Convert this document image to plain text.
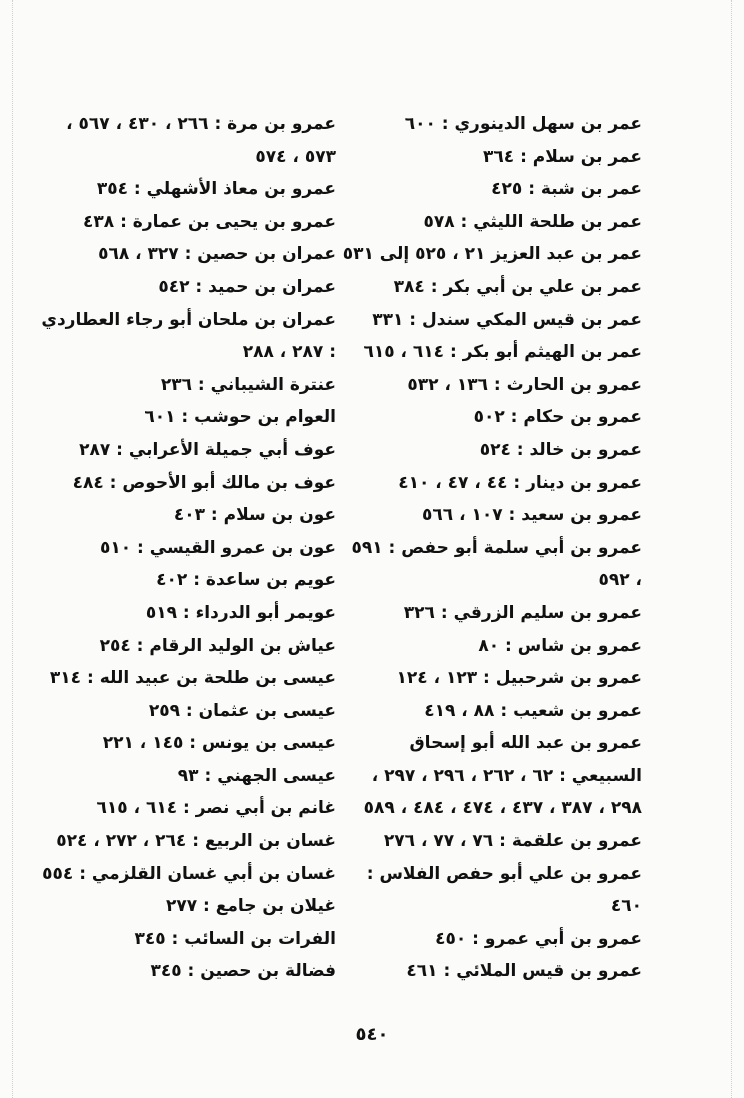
عمر بن سهل الدينوري : ٦٠٠

عمر بن سلام : ٣٦٤

عمر بن شبة : ٤٢٥

عمر بن طلحة الليثي : ٥٧٨

عمر بن عبد العزيز ٢١ ، ٥٢٥ إلى ٥٣١

عمر بن علي بن أبي بكر : ٣٨٤

عمر بن قيس المكي سندل : ٣٣١

عمر بن الهيثم أبو بكر : ٦١٤ ، ٦١٥

عمرو بن الحارث : ١٣٦ ، ٥٣٢

عمرو بن حكام : ٥٠٢

عمرو بن خالد : ٥٢٤

عمرو بن دينار : ٤٤ ، ٤٧ ، ٤١٠

عمرو بن سعيد : ١٠٧ ، ٥٦٦

عمرو بن أبي سلمة أبو حفص : ٥٩١ ، ٥٩٢

عمرو بن سليم الزرقي : ٣٢٦

عمرو بن شاس : ٨٠

عمرو بن شرحبيل : ١٢٣ ، ١٢٤

عمرو بن شعيب : ٨٨ ، ٤١٩

عمرو بن عبد الله أبو إسحاق السبيعي : ٦٢ ، ٢٦٢ ، ٢٩٦ ، ٢٩٧ ، ٢٩٨ ، ٣٨٧ ، ٤٣٧ ، ٤٧٤ ، ٤٨٤ ، ٥٨٩

عمرو بن علقمة : ٧٦ ، ٧٧ ، ٢٧٦

عمرو بن علي أبو حفص الفلاس : ٤٦٠

عمرو بن أبي عمرو : ٤٥٠

عمرو بن قيس الملائي : ٤٦١

عمرو بن مرة : ٢٦٦ ، ٤٣٠ ، ٥٦٧ ، ٥٧٣ ، ٥٧٤

عمرو بن معاذ الأشهلي : ٣٥٤

عمرو بن يحيى بن عمارة : ٤٣٨

عمران بن حصين : ٣٢٧ ، ٥٦٨

عمران بن حميد : ٥٤٢

عمران بن ملحان أبو رجاء العطاردي : ٢٨٧ ، ٢٨٨

عنترة الشيباني : ٢٣٦

العوام بن حوشب : ٦٠١

عوف أبي جميلة الأعرابي : ٢٨٧

عوف بن مالك أبو الأحوص : ٤٨٤

عون بن سلام : ٤٠٣

عون بن عمرو القيسي : ٥١٠

عويم بن ساعدة : ٤٠٢

عويمر أبو الدرداء : ٥١٩

عياش بن الوليد الرقام : ٢٥٤

عيسى بن طلحة بن عبيد الله : ٣١٤

عيسى بن عثمان : ٢٥٩

عيسى بن يونس : ١٤٥ ، ٢٢١

عيسى الجهني : ٩٣

غانم بن أبي نصر : ٦١٤ ، ٦١٥

غسان بن الربيع : ٢٦٤ ، ٢٧٢ ، ٥٢٤

غسان بن أبي غسان القلزمي : ٥٥٤

غيلان بن جامع : ٢٧٧

الفرات بن السائب : ٣٤٥

فضالة بن حصين : ٣٤٥

٥٤٠
